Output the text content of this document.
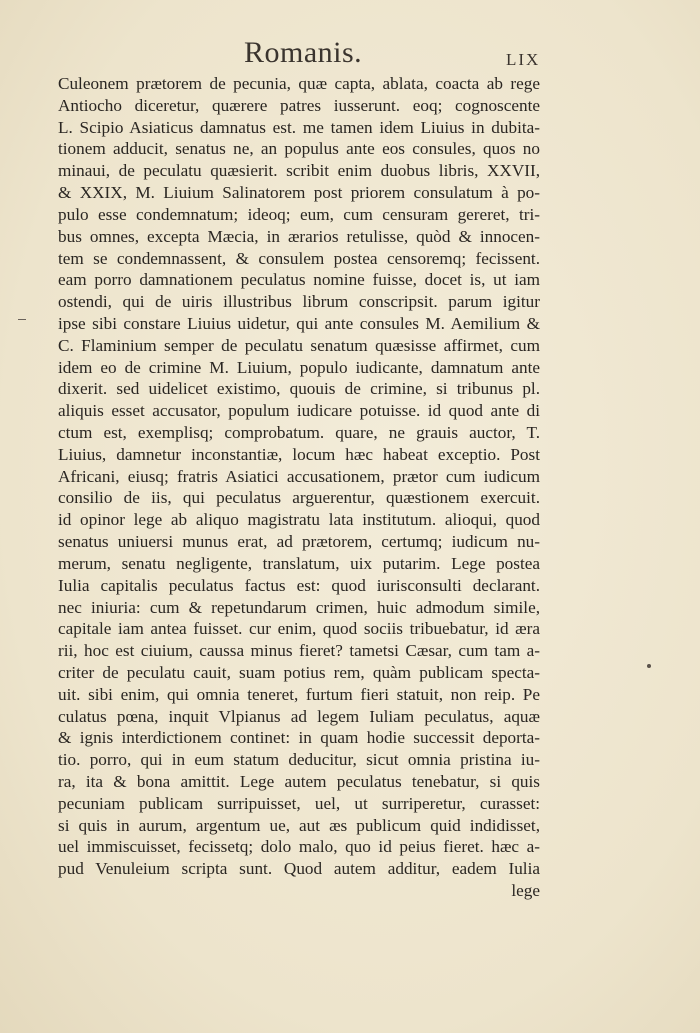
Romanis.	LIX
Culeonem prætorem de pecunia, quæ capta, ablata, coacta ab rege
Antiocho diceretur, quærere patres iusserunt. eoq; cognoscente
L. Scipio Asiaticus damnatus est. me tamen idem Liuius in dubita-
tionem adducit, senatus ne, an populus ante eos consules, quos no
minaui, de peculatu quæsierit. scribit enim duobus libris, XXVII,
& XXIX, M. Liuium Salinatorem post priorem consulatum à po-
pulo esse condemnatum; ideoq; eum, cum censuram gereret, tri-
bus omnes, excepta Mæcia, in ærarios retulisse, quòd & innocen-
tem se condemnassent, & consulem postea censoremq; fecissent.
eam porro damnationem peculatus nomine fuisse, docet is, ut iam
ostendi, qui de uiris illustribus librum conscripsit. parum igitur
ipse sibi constare Liuius uidetur, qui ante consules M. Aemilium &
C. Flaminium semper de peculatu senatum quæsisse affirmet, cum
idem eo de crimine M. Liuium, populo iudicante, damnatum ante
dixerit. sed uidelicet existimo, quouis de crimine, si tribunus pl.
aliquis esset accusator, populum iudicare potuisse. id quod ante di
ctum est, exemplisq; comprobatum. quare, ne grauis auctor, T.
Liuius, damnetur inconstantiæ, locum hæc habeat exceptio. Post
Africani, eiusq; fratris Asiatici accusationem, prætor cum iudicum
consilio de iis, qui peculatus arguerentur, quæstionem exercuit.
id opinor lege ab aliquo magistratu lata institutum. alioqui, quod
senatus uniuersi munus erat, ad prætorem, certumq; iudicum nu-
merum, senatu negligente, translatum, uix putarim. Lege postea
Iulia capitalis peculatus factus est: quod iurisconsulti declarant.
nec iniuria: cum & repetundarum crimen, huic admodum simile,
capitale iam antea fuisset. cur enim, quod sociis tribuebatur, id æra
rii, hoc est ciuium, caussa minus fieret? tametsi Cæsar, cum tam a-
criter de peculatu cauit, suam potius rem, quàm publicam specta-
uit. sibi enim, qui omnia teneret, furtum fieri statuit, non reip. Pe
culatus pœna, inquit Vlpianus ad legem Iuliam peculatus, aquæ
& ignis interdictionem continet: in quam hodie successit deporta-
tio. porro, qui in eum statum deducitur, sicut omnia pristina iu-
ra, ita & bona amittit. Lege autem peculatus tenebatur, si quis
pecuniam publicam surripuisset, uel, ut surriperetur, curasset:
si quis in aurum, argentum ue, aut æs publicum quid indidisset,
uel immiscuisset, fecissetq; dolo malo, quo id peius fieret. hæc a-
pud Venuleium scripta sunt. Quod autem additur, eadem Iulia
lege
